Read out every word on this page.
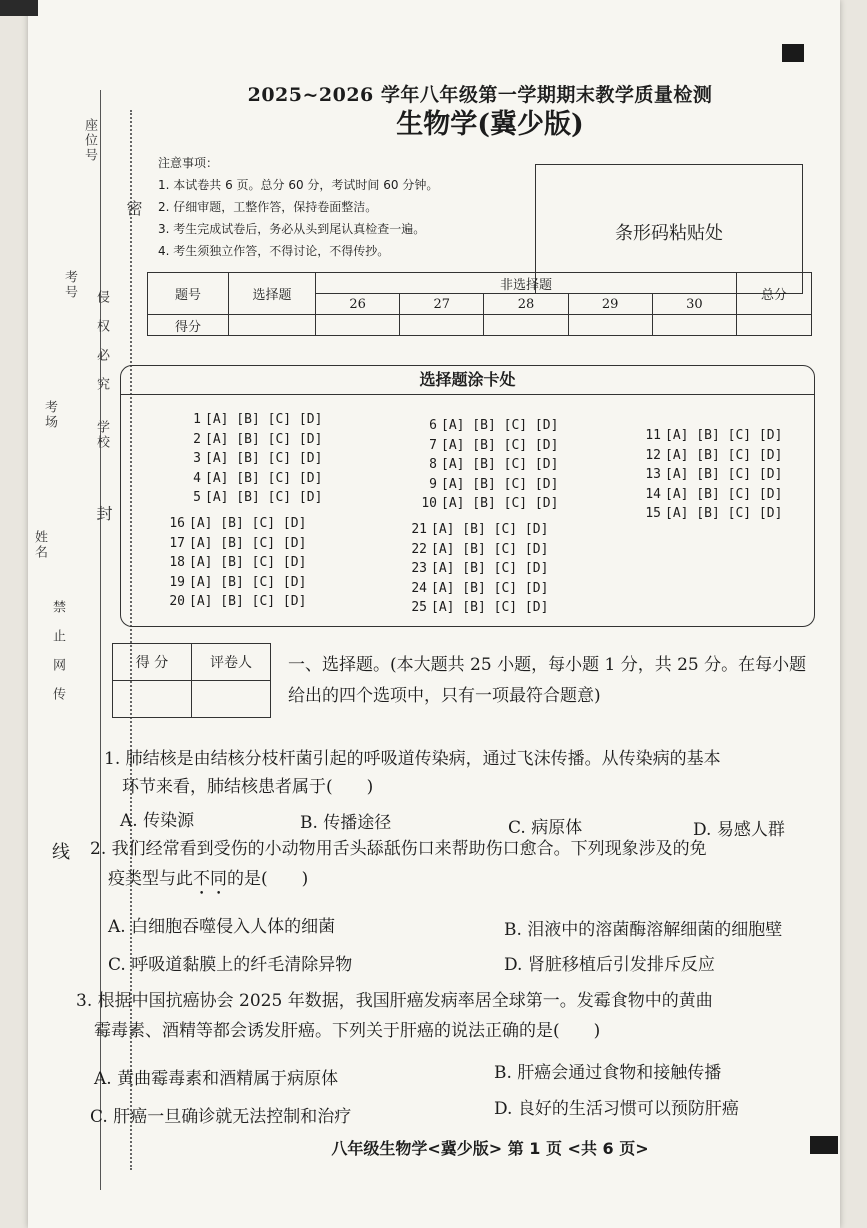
座位号
考号
考场
姓名
学校
密
封
禁止网传
侵权必究
2025~2026 学年八年级第一学期期末教学质量检测
生物学(冀少版)
注意事项：
1. 本试卷共 6 页。总分 60 分，考试时间 60 分钟。
2. 仔细审题，工整作答，保持卷面整洁。
3. 考生完成试卷后，务必从头到尾认真检查一遍。
4. 考生须独立作答，不得讨论，不得传抄。
条形码粘贴处
题号	选择题	非选择题					总分
		26	27	28	29	30	
得分							
选择题涂卡处
1 [A] [B] [C] [D]
2 [A] [B] [C] [D]
3 [A] [B] [C] [D]
4 [A] [B] [C] [D]
5 [A] [B] [C] [D]
6 [A] [B] [C] [D]
7 [A] [B] [C] [D]
8 [A] [B] [C] [D]
9 [A] [B] [C] [D]
10 [A] [B] [C] [D]
11 [A] [B] [C] [D]
12 [A] [B] [C] [D]
13 [A] [B] [C] [D]
14 [A] [B] [C] [D]
15 [A] [B] [C] [D]
16 [A] [B] [C] [D]
17 [A] [B] [C] [D]
18 [A] [B] [C] [D]
19 [A] [B] [C] [D]
20 [A] [B] [C] [D]
21 [A] [B] [C] [D]
22 [A] [B] [C] [D]
23 [A] [B] [C] [D]
24 [A] [B] [C] [D]
25 [A] [B] [C] [D]
得 分	评卷人
	一、选择题。(本大题共 25 小题，每小题 1 分，共 25 分。在每小题给出的四个选项中，只有一项最符合题意)
1. 肺结核是由结核分枝杆菌引起的呼吸道传染病，通过飞沫传播。从传染病的基本
环节来看，肺结核患者属于(　　)
A. 传染源	B. 传播途径	C. 病原体	D. 易感人群
线 2. 我们经常看到受伤的小动物用舌头舔舐伤口来帮助伤口愈合。下列现象涉及的免
疫类型与此不同的是(　　)
A. 白细胞吞噬侵入人体的细菌	B. 泪液中的溶菌酶溶解细菌的细胞壁
C. 呼吸道黏膜上的纤毛清除异物	D. 肾脏移植后引发排斥反应
3. 根据中国抗癌协会 2025 年数据，我国肝癌发病率居全球第一。发霉食物中的黄曲
霉毒素、酒精等都会诱发肝癌。下列关于肝癌的说法正确的是(　　)
A. 黄曲霉毒素和酒精属于病原体	B. 肝癌会通过食物和接触传播
C. 肝癌一旦确诊就无法控制和治疗	D. 良好的生活习惯可以预防肝癌
八年级生物学<冀少版> 第 1 页 <共 6 页>
